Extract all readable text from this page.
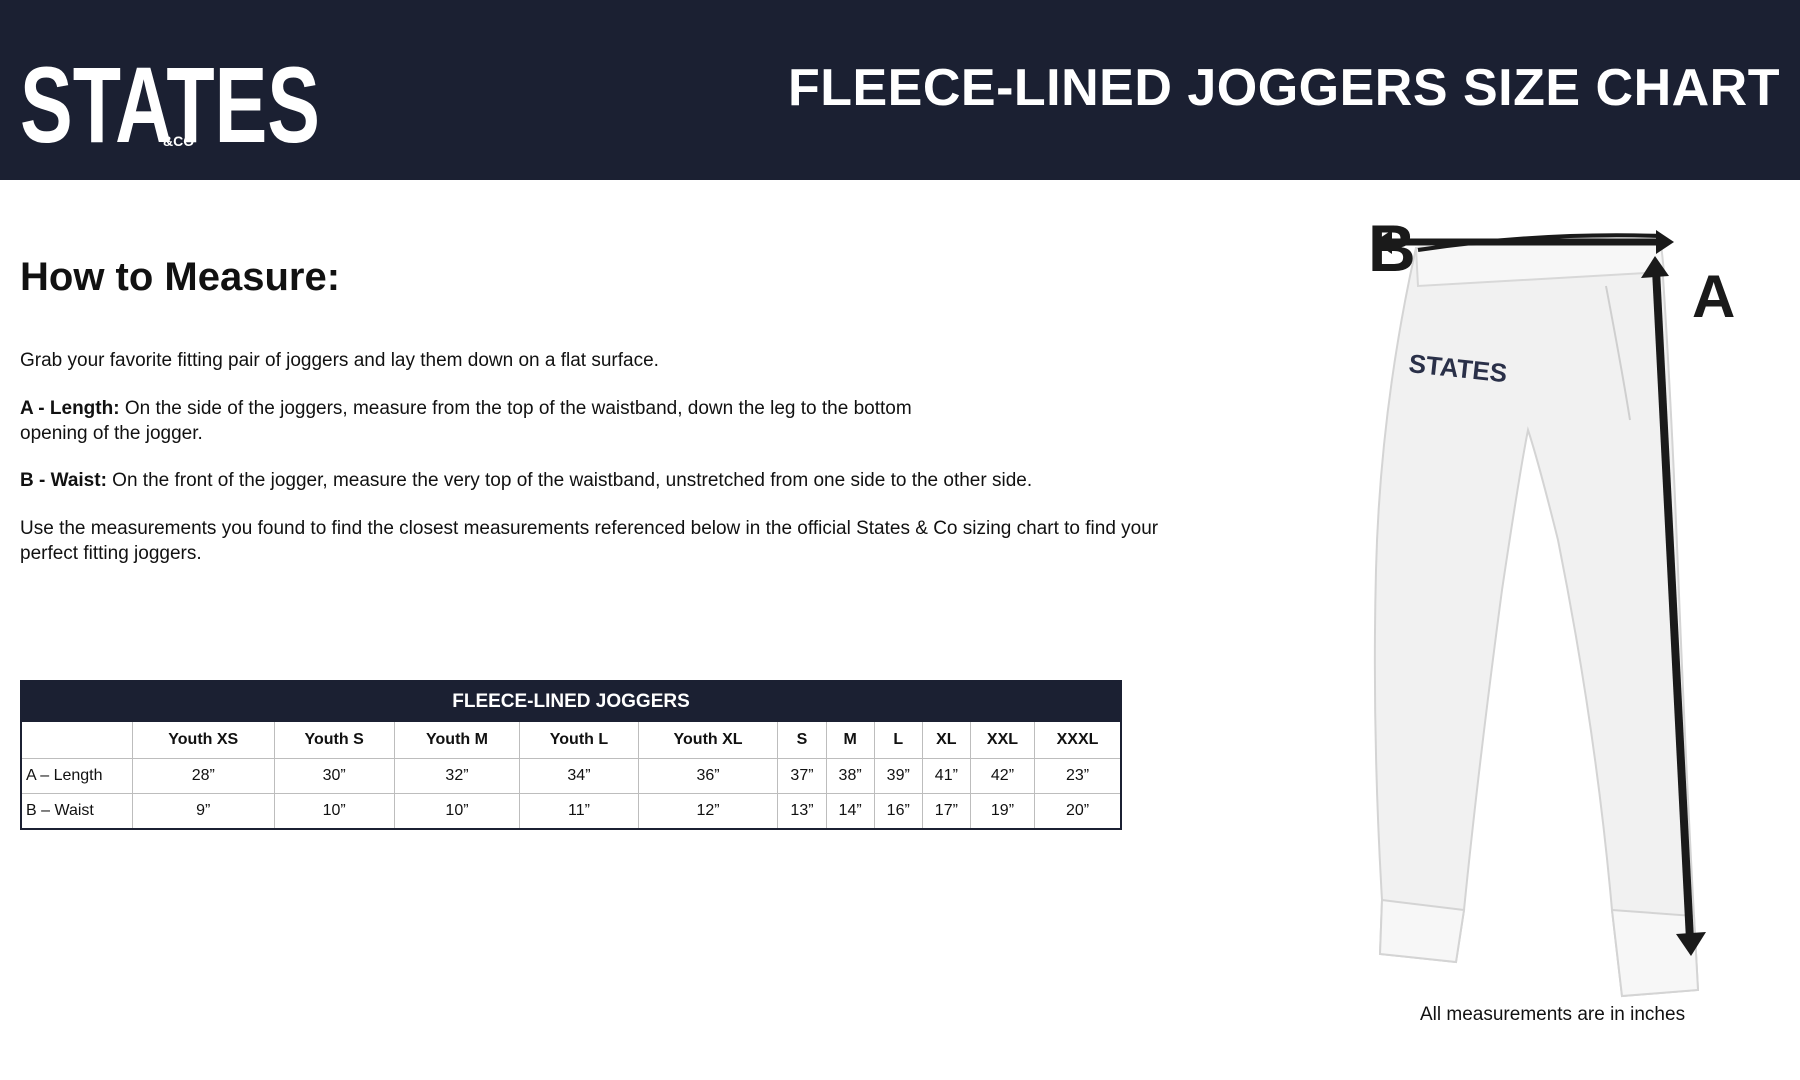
STATES
&CO
FLEECE-LINED JOGGERS SIZE CHART
How to Measure:

Grab your favorite fitting pair of joggers and lay them down on a flat surface.

A - Length: On the side of the joggers, measure from the top of the waistband, down the leg to the bottom opening of the jogger.

B - Waist: On the front of the jogger, measure the very top of the waistband, unstretched from one side to the other side.

Use the measurements you found to find the closest measurements referenced below in the official States & Co sizing chart to find your perfect fitting joggers.

FLEECE-LINED JOGGERS											
	Youth XS	Youth S	Youth M	Youth L	Youth XL	S	M	L	XL	XXL	XXXL
A – Length	28”	30”	32”	34”	36”	37”	38”	39”	41”	42”	23”
B – Waist	9”	10”	10”	11”	12”	13”	14”	16”	17”	19”	20”
STATES
B
A
All measurements are in inches
